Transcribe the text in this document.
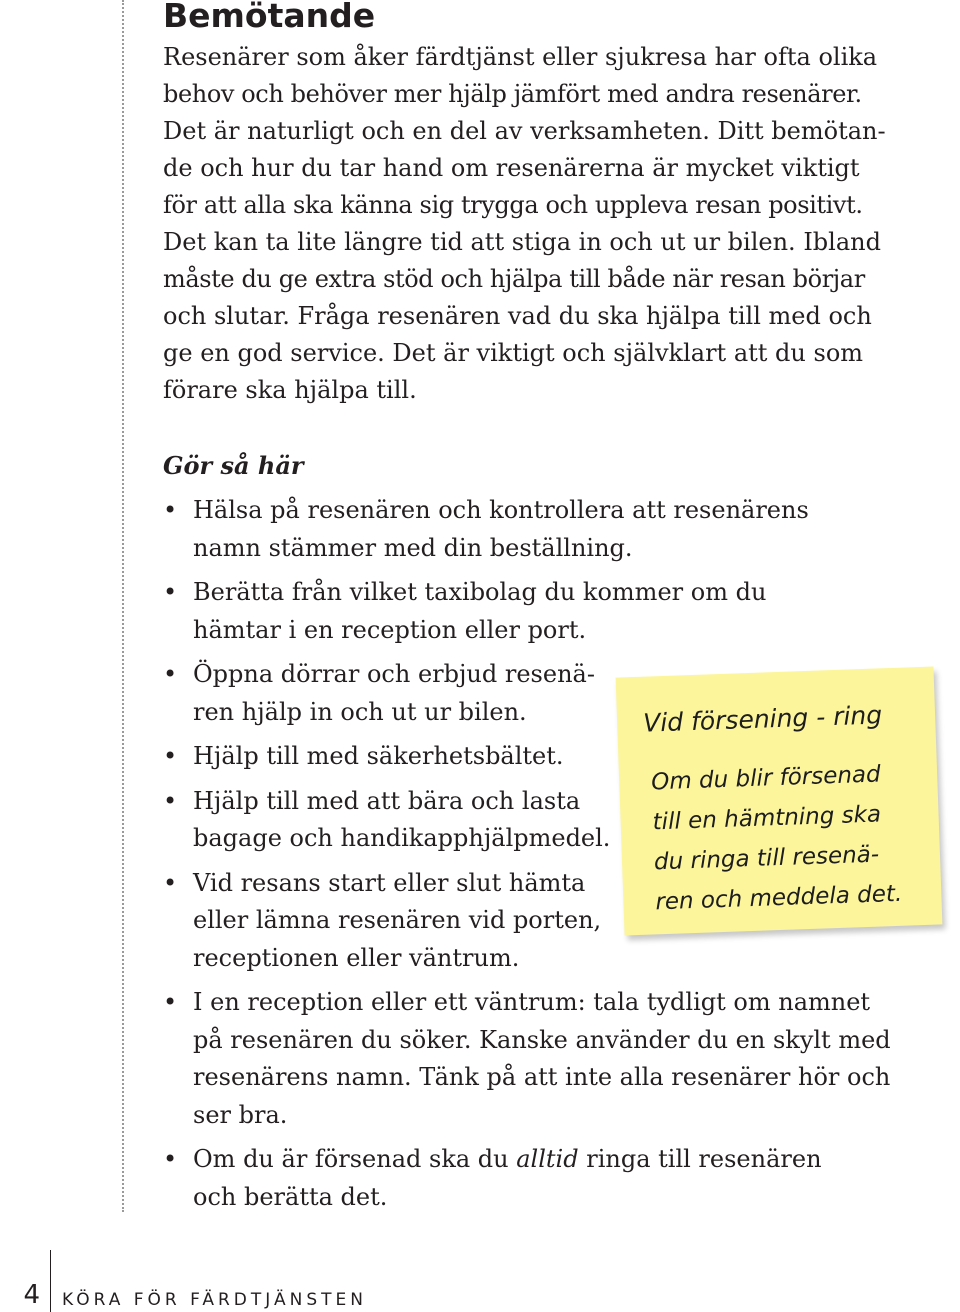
Bemötande
Resenärer som åker färdtjänst eller sjukresa har ofta olika
behov och behöver mer hjälp jämfört med andra resenärer.
Det är naturligt och en del av verksamheten. Ditt bemötan-
de och hur du tar hand om resenärerna är mycket viktigt
för att alla ska känna sig trygga och uppleva resan positivt.
Det kan ta lite längre tid att stiga in och ut ur bilen. Ibland
måste du ge extra stöd och hjälpa till både när resan börjar
och slutar. Fråga resenären vad du ska hjälpa till med och
ge en god service. Det är viktigt och självklart att du som
förare ska hjälpa till.
Gör så här
• Hälsa på resenären och kontrollera att resenärens
namn stämmer med din beställning.
• Berätta från vilket taxibolag du kommer om du
hämtar i en reception eller port.
• Öppna dörrar och erbjud resenä-
ren hjälp in och ut ur bilen.
• Hjälp till med säkerhetsbältet.
• Hjälp till med att bära och lasta
bagage och handikapphjälpmedel.
• Vid resans start eller slut hämta
eller lämna resenären vid porten,
receptionen eller väntrum.
• I en reception eller ett väntrum: tala tydligt om namnet
på resenären du söker. Kanske använder du en skylt med
resenärens namn. Tänk på att inte alla resenärer hör och
ser bra.
• Om du är försenad ska du alltid ringa till resenären
och berätta det.
Vid försening - ring
Om du blir försenad
till en hämtning ska
du ringa till resenä-
ren och meddela det.
4 KÖRA FÖR FÄRDTJÄNSTEN
